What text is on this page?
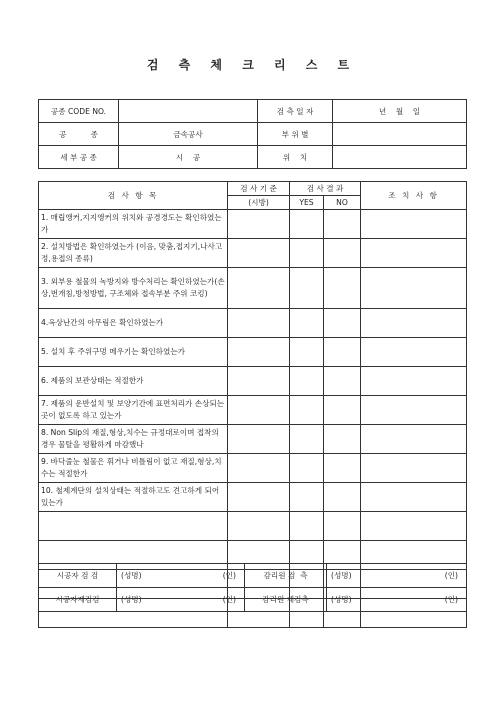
검 측 체 크 리 스 트
공종 CODE NO.		검 측 일 자	년    월    일
공          종	금속공사	부 위 별	
세 부 공 종	시    공	위    치	
검 사 항 목	검 사 기 준	검 사 결 과		조 치 사 항
	(시방)	YES	NO	
1. 매립앵커,지지앵커의 위치와 공경경도는 확인하였는가				
2. 설치방법은 확인하였는가 (이음, 맞춤,접지기,나사고정,용접의 종류)				
3. 외부용 철물의 녹방지와 방수처리는 확인하였는가(손상,번개침,방청방법, 구조체와 접속부분 주위 코킹)				
4.옥상난간의 아무림은 확인하였는가				
5. 설치 후 주위구멍 메우기는 확인하였는가				
6. 제품의 보관상태는 적절한가				
7. 제품의 운반설치 및 보양기간에 표면처리가 손상되는 곳이 없도록 하고 있는가				
8. Non Slip의 재질,형상,치수는 규정대로이며 접착의 경우 물탈을 평활하게 마감했나				
9. 바닥줄눈 철물은 휘거나 비틀림이 없고 재질,형상,치수는 적절한가				
10. 철제계단의 설치상태는 적절하고도 견고하게 되어 있는가				

시공자 검 검	(성명) (인)	감리원 검  측	(성명) (인)

시공자재검검	(성명) (인)	감리원 재검측	(성명) (인)
